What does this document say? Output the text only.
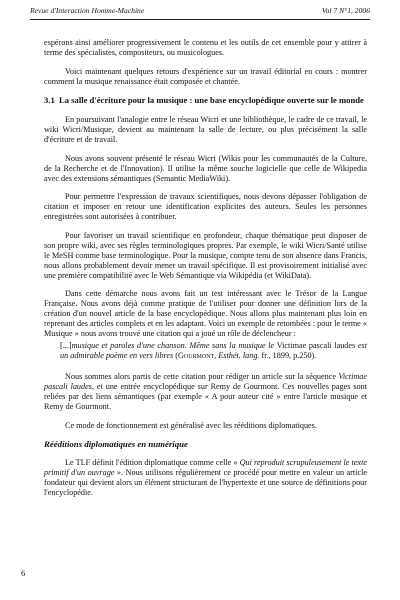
Revue d'Interaction Homme-Machine	Vol 7 N°1, 2006

espérons ainsi améliorer progressivement le contenu et les outils de cet ensemble pour y attirer à terme des spécialistes, compositeurs, ou musicologues.

Voici maintenant quelques retours d'expérience sur un travail éditorial en cours : montrer comment la musique renaissance était composée et chantée.

3.1 La salle d'écriture pour la musique : une base encyclopédique ouverte sur le monde

En poursuivant l'analogie entre le réseau Wicri et une bibliothèque, le cadre de ce travail, le wiki Wicri/Musique, devient au maintenant la salle de lecture, ou plus précisément la salle d'écriture et de travail.

Nous avons souvent présenté le réseau Wicri (Wikis pour les communautés de la Culture, de la Recherche et de l'Innovation). Il utilise la même souche logicielle que celle de Wikipedia avec des extensions sémantiques (Semantic MediaWiki).

Pour permettre l'expression de travaux scientifiques, nous devons dépasser l'obligation de citation et imposer en retour une identification explicites des auteurs. Seules les personnes enregistrées sont autorisées à contribuer.

Pour favoriser un travail scientifique en profondeur, chaque thématique peut disposer de son propre wiki, avec ses règles terminologiques propres. Par exemple, le wiki Wicri/Santé utilise le MeSH comme base terminologique. Pour la musique, compte tenu de son absence dans Francis, nous allons probablement devoir mener un travail spécifique. Il est provisoirement initialisé avec une première compatibilité avec le Web Sémantique via Wikipédia (et WikiData).

Dans cette démarche nous avons fait un test intéressant avec le Trésor de la Langue Française. Nous avons déjà comme pratique de l'utiliser pour donner une définition lors de la création d'un nouvel article de la base encyclopédique. Nous allons plus maintenant plus loin en reprenant des articles complets et en les adaptant. Voici un exemple de retombées : pour le terme « Musique » nous avons trouvé une citation qui a joué un rôle de déclencheur :

[...]musique et paroles d'une chanson. Même sans la musique le Victimae pascali laudes est un admirable poème en vers libres (Gourmont, Esthét. lang. fr., 1899, p.250).

Nous sommes alors partis de cette citation pour rédiger un article sur la séquence Victimae pascali laudes, et une entrée encyclopédique sur Remy de Gourmont. Ces nouvelles pages sont reliées par des liens sémantiques (par exemple « A pour auteur cité » entre l'article musique et Remy de Gourmont.

Ce mode de fonctionnement est généralisé avec les rééditions diplomatiques.

Rééditions diplomatiques en numérique

Le TLF définit l'édition diplomatique comme celle « Qui reproduit scrupuleusement le texte primitif d'un ouvrage ». Nous utilisons régulièrement ce procédé pour mettre en valeur un article fondateur qui devient alors un élément structurant de l'hypertexte et une source de définitions pour l'encyclopédie.

6
